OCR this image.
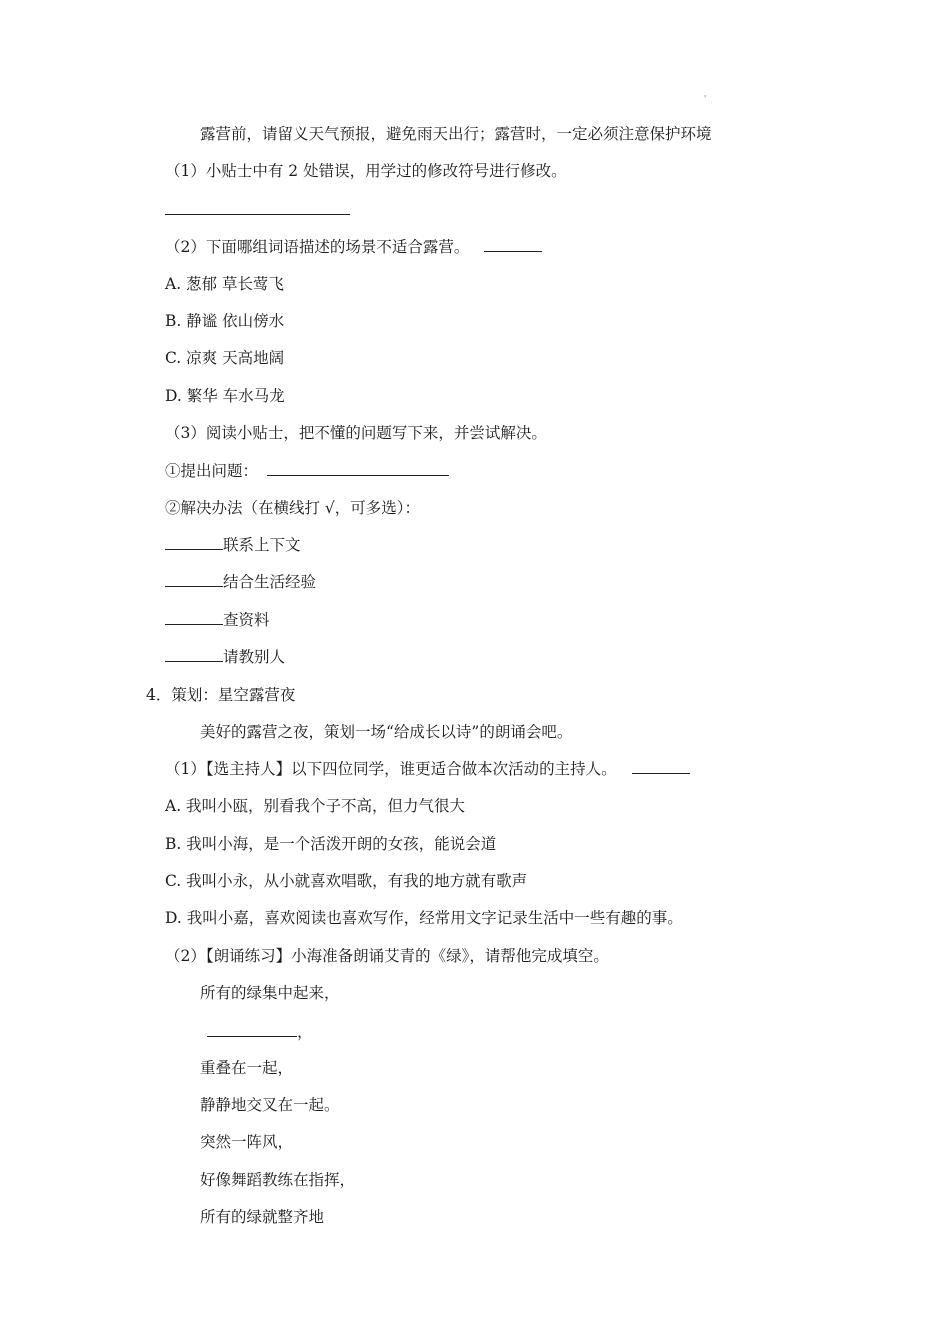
'
露营前，请留义天气预报，避免雨天出行；露营时，一定必须注意保护环境
（1）小贴士中有 2 处错误，用学过的修改符号进行修改。
（2）下面哪组词语描述的场景不适合露营。
A. 葱郁 草长莺飞
B. 静谧 依山傍水
C. 凉爽 天高地阔
D. 繁华 车水马龙
（3）阅读小贴士，把不懂的问题写下来，并尝试解决。
①提出问题：
②解决办法（在横线打 √，可多选）：
联系上下文
结合生活经验
查资料
请教别人
4．策划：星空露营夜
美好的露营之夜，策划一场“给成长以诗”的朗诵会吧。
（1）【选主持人】以下四位同学，谁更适合做本次活动的主持人。
A. 我叫小瓯，别看我个子不高，但力气很大
B. 我叫小海，是一个活泼开朗的女孩，能说会道
C. 我叫小永，从小就喜欢唱歌，有我的地方就有歌声
D. 我叫小嘉，喜欢阅读也喜欢写作，经常用文字记录生活中一些有趣的事。
（2）【朗诵练习】小海准备朗诵艾青的《绿》，请帮他完成填空。
所有的绿集中起来，
，
重叠在一起，
静静地交叉在一起。
突然一阵风，
好像舞蹈教练在指挥，
所有的绿就整齐地
